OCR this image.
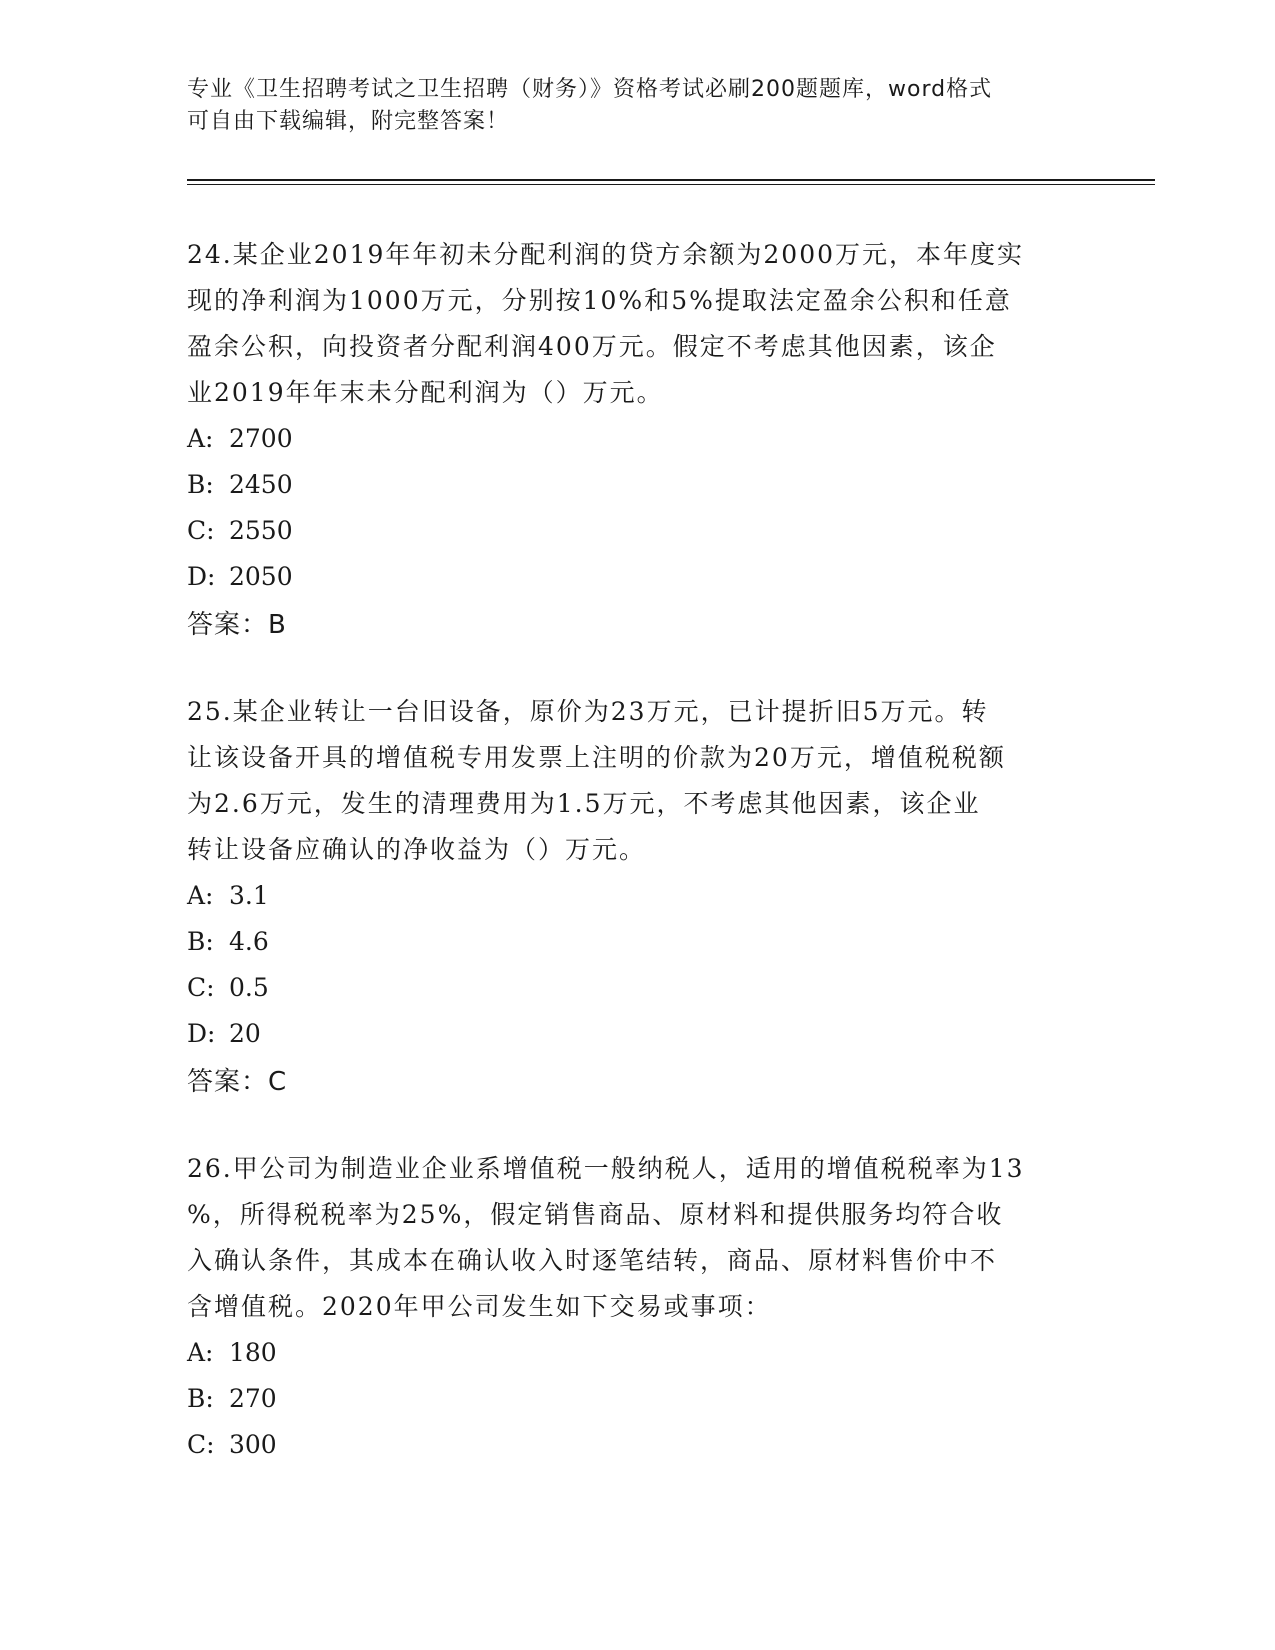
专业《卫生招聘考试之卫生招聘（财务）》资格考试必刷200题题库，word格式
可自由下载编辑，附完整答案！
24.某企业2019年年初未分配利润的贷方余额为2000万元，本年度实
现的净利润为1000万元，分别按10%和5%提取法定盈余公积和任意
盈余公积，向投资者分配利润400万元。假定不考虑其他因素，该企
业2019年年末未分配利润为（）万元。
A: 2700
B: 2450
C: 2550
D: 2050
答案：B
25.某企业转让一台旧设备，原价为23万元，已计提折旧5万元。转
让该设备开具的增值税专用发票上注明的价款为20万元，增值税税额
为2.6万元，发生的清理费用为1.5万元，不考虑其他因素，该企业
转让设备应确认的净收益为（）万元。
A: 3.1
B: 4.6
C: 0.5
D: 20
答案：C
26.甲公司为制造业企业系增值税一般纳税人，适用的增值税税率为13
%，所得税税率为25%，假定销售商品、原材料和提供服务均符合收
入确认条件，其成本在确认收入时逐笔结转，商品、原材料售价中不
含增值税。2020年甲公司发生如下交易或事项：
A: 180
B: 270
C: 300
